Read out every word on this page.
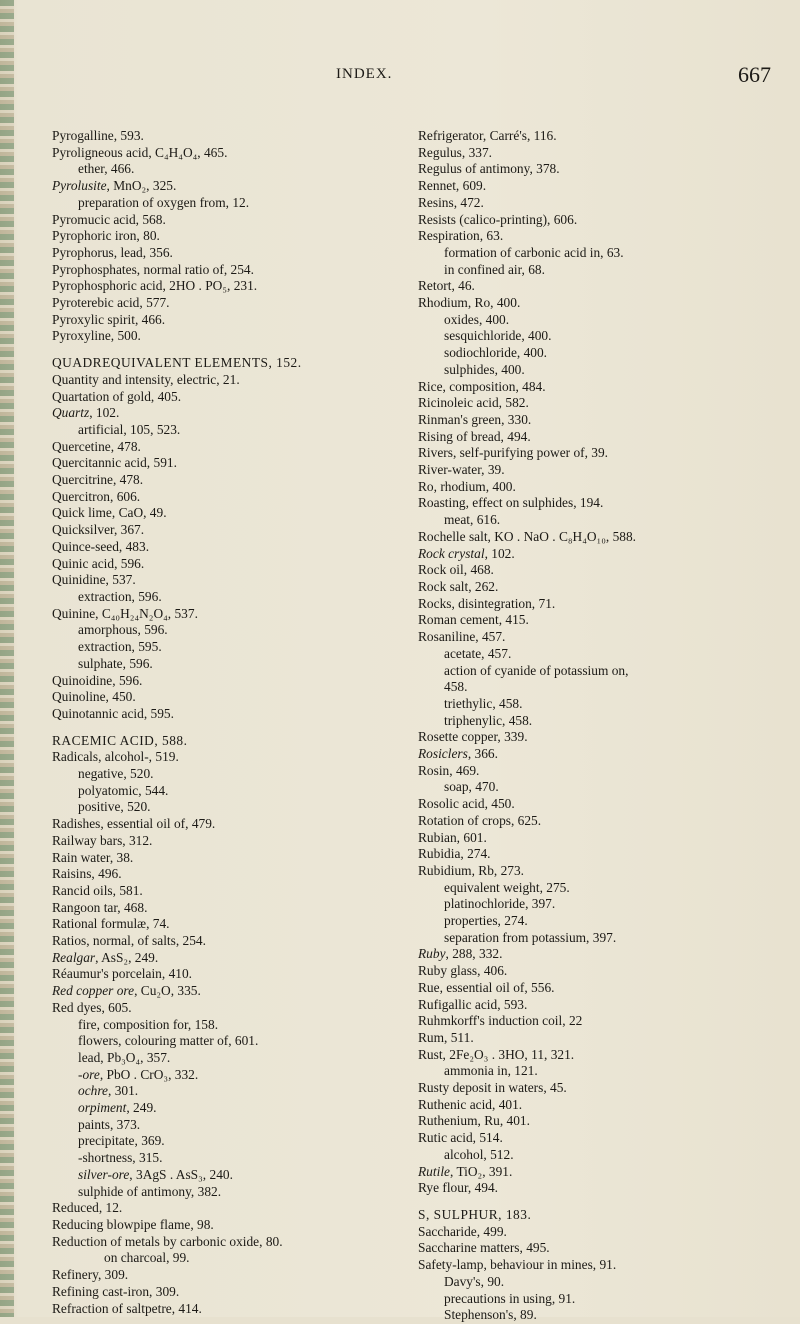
INDEX.	667
Pyrogalline, 593.
Pyroligneous acid, C₄H₄O₄, 465.
ether, 466.
Pyrolusite, MnO₂, 325.
preparation of oxygen from, 12.
Pyromucic acid, 568.
Pyrophoric iron, 80.
Pyrophorus, lead, 356.
Pyrophosphates, normal ratio of, 254.
Pyrophosphoric acid, 2HO . PO₅, 231.
Pyroterebic acid, 577.
Pyroxylic spirit, 466.
Pyroxyline, 500.
QUADREQUIVALENT ELEMENTS, 152.
Quantity and intensity, electric, 21.
Quartation of gold, 405.
Quartz, 102.
artificial, 105, 523.
Quercetine, 478.
Quercitannic acid, 591.
Quercitrine, 478.
Quercitron, 606.
Quick lime, CaO, 49.
Quicksilver, 367.
Quince-seed, 483.
Quinic acid, 596.
Quinidine, 537.
extraction, 596.
Quinine, C₄₀H₂₄N₂O₄, 537.
amorphous, 596.
extraction, 595.
sulphate, 596.
Quinoidine, 596.
Quinoline, 450.
Quinotannic acid, 595.
RACEMIC ACID, 588.
Radicals, alcohol-, 519.
negative, 520.
polyatomic, 544.
positive, 520.
Radishes, essential oil of, 479.
Railway bars, 312.
Rain water, 38.
Raisins, 496.
Rancid oils, 581.
Rangoon tar, 468.
Rational formulæ, 74.
Ratios, normal, of salts, 254.
Realgar, AsS₂, 249.
Réaumur's porcelain, 410.
Red copper ore, Cu₂O, 335.
Red dyes, 605.
fire, composition for, 158.
flowers, colouring matter of, 601.
lead, Pb₃O₄, 357.
-ore, PbO . CrO₃, 332.
ochre, 301.
orpiment, 249.
paints, 373.
precipitate, 369.
-shortness, 315.
silver-ore, 3AgS . AsS₃, 240.
sulphide of antimony, 382.
Reduced, 12.
Reducing blowpipe flame, 98.
Reduction of metals by carbonic oxide, 80.
on charcoal, 99.
Refinery, 309.
Refining cast-iron, 309.
Refraction of saltpetre, 414.
Refrigerator, Carré's, 116.
Regulus, 337.
Regulus of antimony, 378.
Rennet, 609.
Resins, 472.
Resists (calico-printing), 606.
Respiration, 63.
formation of carbonic acid in, 63.
in confined air, 68.
Retort, 46.
Rhodium, Ro, 400.
oxides, 400.
sesquichloride, 400.
sodiochloride, 400.
sulphides, 400.
Rice, composition, 484.
Ricinoleic acid, 582.
Rinman's green, 330.
Rising of bread, 494.
Rivers, self-purifying power of, 39.
River-water, 39.
Ro, rhodium, 400.
Roasting, effect on sulphides, 194.
meat, 616.
Rochelle salt, KO . NaO . C₈H₄O₁₀, 588.
Rock crystal, 102.
Rock oil, 468.
Rock salt, 262.
Rocks, disintegration, 71.
Roman cement, 415.
Rosaniline, 457.
acetate, 457.
action of cyanide of potassium on,
458.
triethylic, 458.
triphenylic, 458.
Rosette copper, 339.
Rosiclers, 366.
Rosin, 469.
soap, 470.
Rosolic acid, 450.
Rotation of crops, 625.
Rubian, 601.
Rubidia, 274.
Rubidium, Rb, 273.
equivalent weight, 275.
platinochloride, 397.
properties, 274.
separation from potassium, 397.
Ruby, 288, 332.
Ruby glass, 406.
Rue, essential oil of, 556.
Rufigallic acid, 593.
Ruhmkorff's induction coil, 22
Rum, 511.
Rust, 2Fe₂O₃ . 3HO, 11, 321.
ammonia in, 121.
Rusty deposit in waters, 45.
Ruthenic acid, 401.
Ruthenium, Ru, 401.
Rutic acid, 514.
alcohol, 512.
Rutile, TiO₂, 391.
Rye flour, 494.
S, SULPHUR, 183.
Saccharide, 499.
Saccharine matters, 495.
Safety-lamp, behaviour in mines, 91.
Davy's, 90.
precautions in using, 91.
Stephenson's, 89.
